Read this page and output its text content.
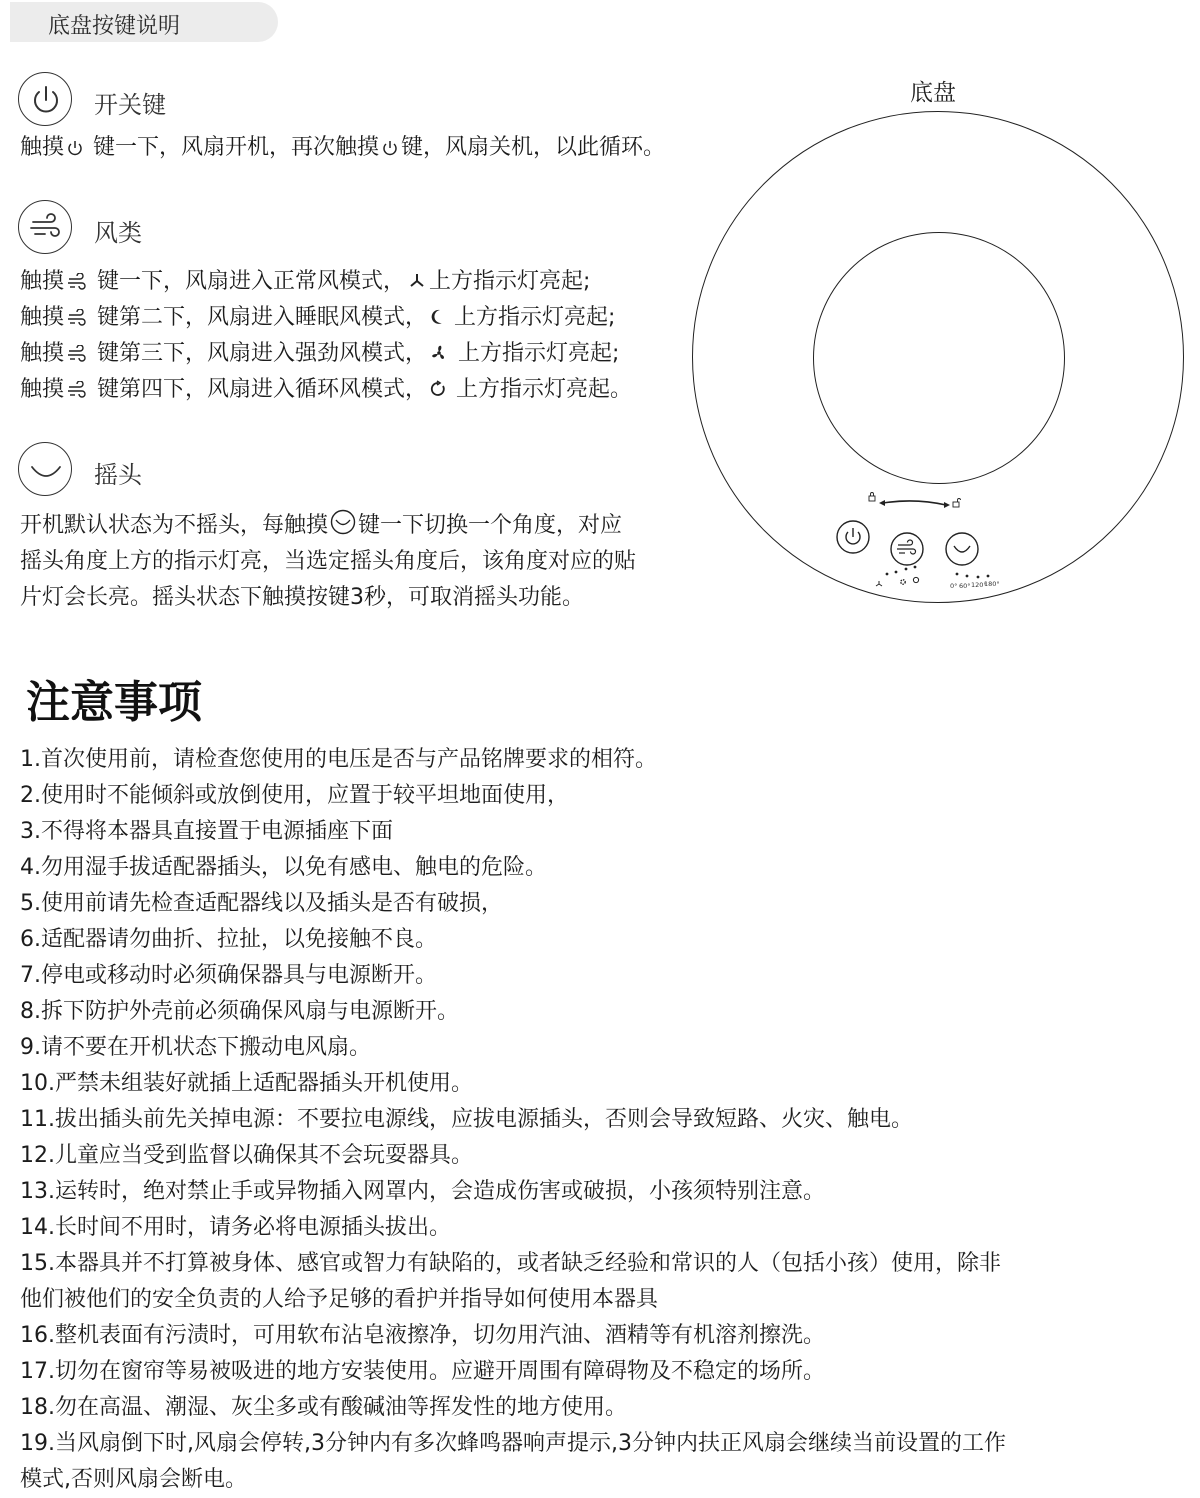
底盘按键说明
开关键
触摸 键一下，风扇开机，再次触摸 键，风扇关机，以此循环。
风类
触摸 键一下，风扇进入正常风模式， 上方指示灯亮起;
触摸 键第二下，风扇进入睡眠风模式， 上方指示灯亮起;
触摸 键第三下，风扇进入强劲风模式， 上方指示灯亮起;
触摸 键第四下，风扇进入循环风模式， 上方指示灯亮起。
摇头
开机默认状态为不摇头，每触摸 键一下切换一个角度，对应
摇头角度上方的指示灯亮，当选定摇头角度后，该角度对应的贴
片灯会长亮。摇头状态下触摸按键3秒，可取消摇头功能。
底盘
0° 60° 120°
180°
注意事项
1.首次使用前，请检查您使用的电压是否与产品铭牌要求的相符。
2.使用时不能倾斜或放倒使用，应置于较平坦地面使用，
3.不得将本器具直接置于电源插座下面
4.勿用湿手拔适配器插头，以免有感电、触电的危险。
5.使用前请先检查适配器线以及插头是否有破损，
6.适配器请勿曲折、拉扯，以免接触不良。
7.停电或移动时必须确保器具与电源断开。
8.拆下防护外壳前必须确保风扇与电源断开。
9.请不要在开机状态下搬动电风扇。
10.严禁未组装好就插上适配器插头开机使用。
11.拔出插头前先关掉电源：不要拉电源线，应拔电源插头，否则会导致短路、火灾、触电。
12.儿童应当受到监督以确保其不会玩耍器具。
13.运转时，绝对禁止手或异物插入网罩内，会造成伤害或破损，小孩须特别注意。
14.长时间不用时，请务必将电源插头拔出。
15.本器具并不打算被身体、感官或智力有缺陷的，或者缺乏经验和常识的人（包括小孩）使用，除非
他们被他们的安全负责的人给予足够的看护并指导如何使用本器具
16.整机表面有污渍时，可用软布沾皂液擦净，切勿用汽油、酒精等有机溶剂擦洗。
17.切勿在窗帘等易被吸进的地方安装使用。应避开周围有障碍物及不稳定的场所。
18.勿在高温、潮湿、灰尘多或有酸碱油等挥发性的地方使用。
19.当风扇倒下时,风扇会停转,3分钟内有多次蜂鸣器响声提示,3分钟内扶正风扇会继续当前设置的工作
模式,否则风扇会断电。
